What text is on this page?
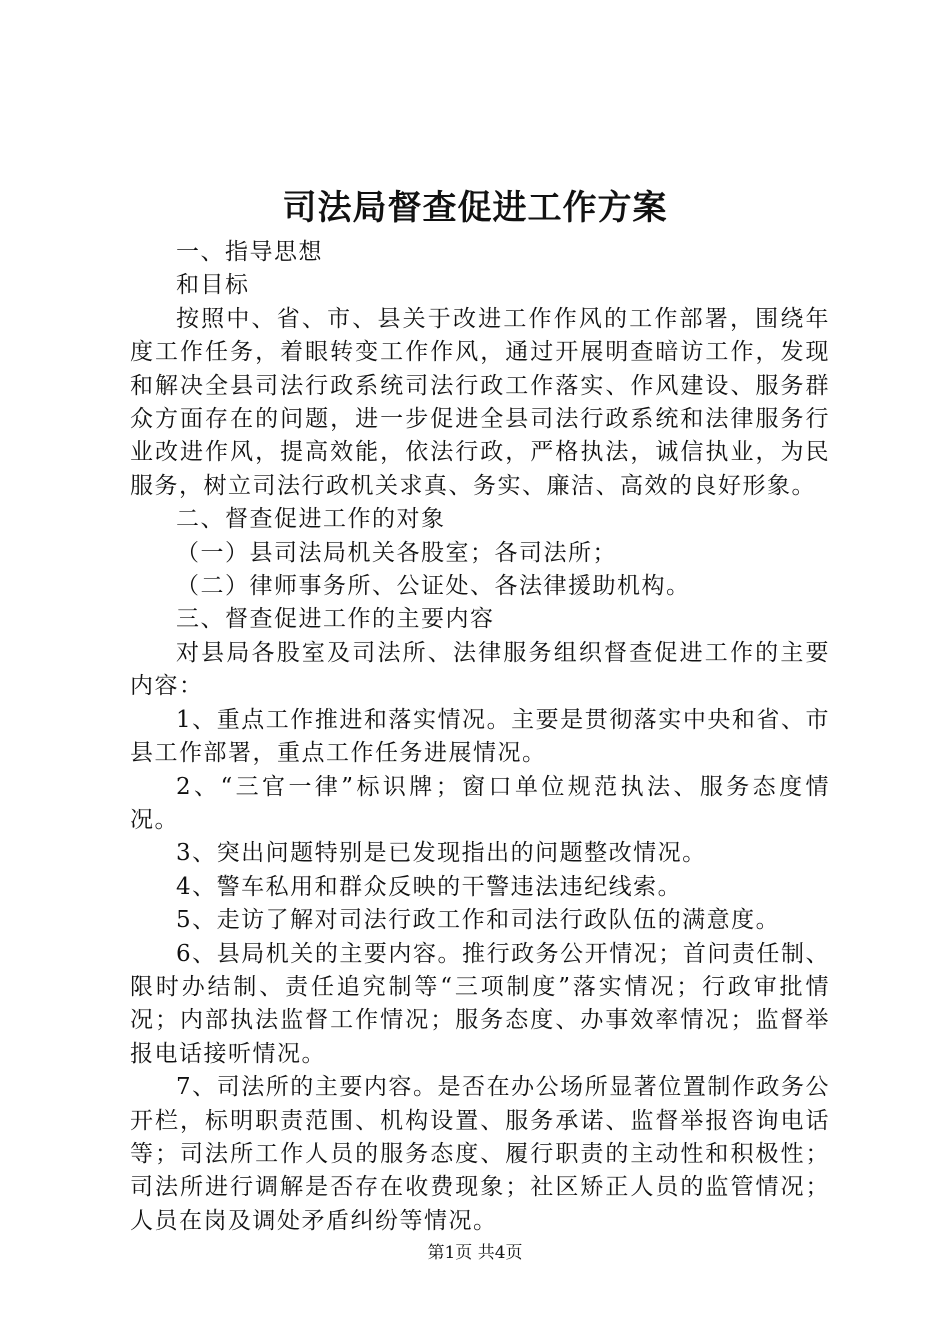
司法局督查促进工作方案

一、指导思想

和目标

按照中、省、市、县关于改进工作作风的工作部署，围绕年度工作任务，着眼转变工作作风，通过开展明查暗访工作，发现和解决全县司法行政系统司法行政工作落实、作风建设、服务群众方面存在的问题，进一步促进全县司法行政系统和法律服务行业改进作风，提高效能，依法行政，严格执法，诚信执业，为民服务，树立司法行政机关求真、务实、廉洁、高效的良好形象。

二、督查促进工作的对象

（一）县司法局机关各股室；各司法所；

（二）律师事务所、公证处、各法律援助机构。

三、督查促进工作的主要内容

对县局各股室及司法所、法律服务组织督查促进工作的主要内容：

1、重点工作推进和落实情况。主要是贯彻落实中央和省、市县工作部署，重点工作任务进展情况。

2、“三官一律”标识牌；窗口单位规范执法、服务态度情况。

3、突出问题特别是已发现指出的问题整改情况。

4、警车私用和群众反映的干警违法违纪线索。

5、走访了解对司法行政工作和司法行政队伍的满意度。

6、县局机关的主要内容。推行政务公开情况；首问责任制、限时办结制、责任追究制等“三项制度”落实情况；行政审批情况；内部执法监督工作情况；服务态度、办事效率情况；监督举报电话接听情况。

7、司法所的主要内容。是否在办公场所显著位置制作政务公开栏，标明职责范围、机构设置、服务承诺、监督举报咨询电话等；司法所工作人员的服务态度、履行职责的主动性和积极性；司法所进行调解是否存在收费现象；社区矫正人员的监管情况；人员在岗及调处矛盾纠纷等情况。

第1页 共4页
